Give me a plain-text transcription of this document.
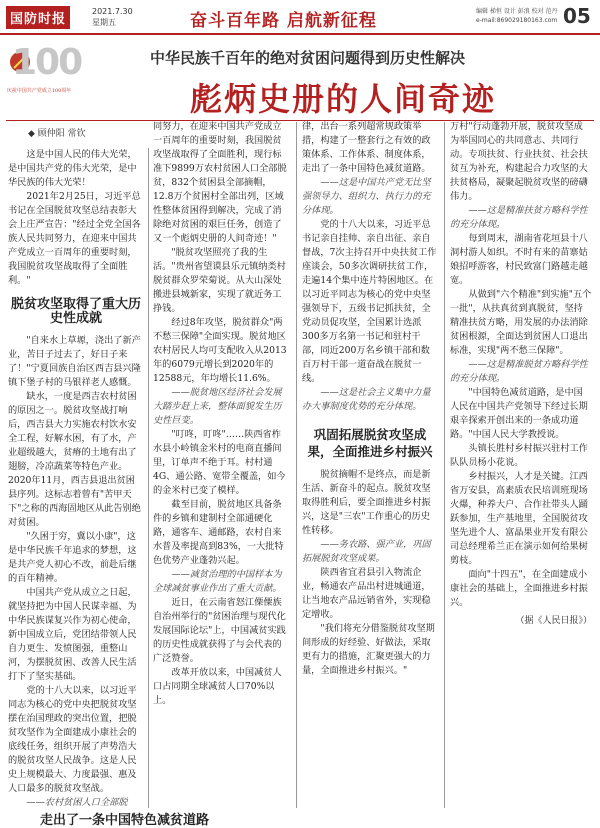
国防时报
2021.7.30
星期五	奋斗百年路 启航新征程	编辑 梯恒 设计 彭浪 校对 范丹
e-mail:869029180163.com 05
100
庆祝中国共产党成立100周年
中华民族千百年的绝对贫困问题得到历史性解决
彪炳史册的人间奇迹
◆ 顾仲阳 常钦

这是中国人民的伟大光荣，是中国共产党的伟大光荣，是中华民族的伟大光荣！

2021年2月25日，习近平总书记在全国脱贫攻坚总结表彰大会上庄严宣告："经过全党全国各族人民共同努力，在迎来中国共产党成立一百周年的重要时刻，我国脱贫攻坚战取得了全面胜利。"

脱贫攻坚取得了重大历史性成就

"自来水上草塬，浇出了新产业，苦日子过去了，好日子来了！"宁夏回族自治区西吉县兴隆镇下堡子村的马银祥老人感慨。

缺水，一度是西吉农村贫困的原因之一。脱贫攻坚战打响后，西吉县大力实施农村饮水安全工程，好解水困，有了水，产业超级越大，贫瘠的土地有出了翅膀，冷凉蔬菜等特色产业。2020年11月，西吉县退出贫困县序列。这标志着曾有"苦甲天下"之称的西海固地区从此告别绝对贫困。

"久困于穷，冀以小康"，这是中华民族千年追求的梦想，这是共产党人初心不改，前赴后继的百年精神。

中国共产党从成立之日起，就坚持把为中国人民谋幸福、为中华民族谋复兴作为初心使命，新中国成立后，党团结带领人民自力更生、发愤图强，重整山河，为摆脱贫困、改善人民生活打下了坚实基础。

党的十八大以来，以习近平同志为核心的党中央把脱贫攻坚摆在治国理政的突出位置，把脱贫攻坚作为全面建成小康社会的底线任务，组织开展了声势浩大的脱贫攻坚人民战争。这是人民史上规模最大、力度最强、惠及人口最多的脱贫攻坚战。

——农村贫困人口全部脱

同努力，在迎来中国共产党成立一百周年的重要时刻，我国脱贫攻坚战取得了全面胜利，现行标准下9899万农村贫困人口全部脱贫，832个贫困县全部摘帽，12.8万个贫困村全部出列，区域性整体贫困得到解决，完成了消除绝对贫困的艰巨任务，创造了又一个彪炳史册的人间奇迹！"

"脱贫攻坚照亮了我的生活。"贵州省望谟县乐元镇纳类村脱贫群众罗荣菊说。从大山深处搬进县城新家，实现了就近务工挣钱。

经过8年攻坚，脱贫群众"两不愁三保障"全面实现。脱贫地区农村居民人均可支配收入从2013年的6079元增长到2020年的12588元，年均增长11.6%。

——脱贫地区经济社会发展大踏步赶上来，整体面貌发生历史性巨变。

"叮咚，叮咚"……陕西省柞水县小岭镇金米村的电商直播间里，订单声不绝于耳。村村通4G、通公路、宽带全覆盖，如今的金米村已变了模样。

截至目前，脱贫地区具备条件的乡镇和建制村全部通硬化路，通客车、通邮路，农村自来水普及率提高到83%，一大批特色优势产业蓬勃兴起。

——减贫治理的中国样本为全球减贫事业作出了重大贡献。

近日，在云南省怒江傈僳族自治州举行的"贫困治理与现代化发展国际论坛"上，中国减贫实践的历史性成就获得了与会代表的广泛赞誉。

改革开放以来，中国减贫人口占同期全球减贫人口70%以上。

律，出台一系列超常规政策举措，构建了一整套行之有效的政策体系、工作体系、制度体系，走出了一条中国特色减贫道路。

——这是中国共产党无比坚强领导力、组织力、执行力的充分体现。

党的十八大以来，习近平总书记亲自挂帅、亲自出征、亲自督战，7次主持召开中央扶贫工作座谈会，50多次调研扶贫工作，走遍14个集中连片特困地区。在以习近平同志为核心的党中央坚强领导下，五级书记抓扶贫，全党动员促攻坚，全国累计选派300多万名第一书记和驻村干部，同近200万名乡镇干部和数百万村干部一道奋战在脱贫一线。

——这是社会主义集中力量办大事制度优势的充分体现。

巩固拓展脱贫攻坚成果，全面推进乡村振兴

脱贫摘帽不是终点，而是新生活、新奋斗的起点。脱贫攻坚取得胜利后，要全面推进乡村振兴，这是"三农"工作重心的历史性转移。

——务农路、强产业，巩固拓展脱贫攻坚成果。

陕西省宜君县引入物流企业，畅通农产品出村进城通道，让当地农产品远销省外，实现稳定增收。

"我们将充分借鉴脱贫攻坚期间形成的好经验、好做法，采取更有力的措施，汇聚更强大的力量，全面推进乡村振兴。"

万村"行动蓬勃开展，脱贫攻坚成为举国同心的共同意志、共同行动。专项扶贫、行业扶贫、社会扶贫互为补充，构建起合力攻坚的大扶贫格局，凝聚起脱贫攻坚的磅礴伟力。

——这是精准扶贫方略科学性的充分体现。

每到周末，湖南省花垣县十八洞村游人如织。不时有来的苗寨姑娘招呼游客，村民致富门路越走越宽。

从做到"六个精准"到实施"五个一批"，从扶真贫到真脱贫，坚持精准扶贫方略，用发展的办法消除贫困根源，全面达到贫困人口退出标准，实现"两不愁三保障"。

——这是精准脱贫方略科学性的充分体现。

"中国特色减贫道路，是中国人民在中国共产党领导下经过长期艰辛探索开创出来的一条成功道路。"中国人民大学教授说。

头镇长胜村乡村振兴驻村工作队队员杨小花说。

乡村振兴，人才是关键。江西省万安县，高素质农民培训班现场火爆，种养大户、合作社带头人踊跃参加，生产基地里，全国脱贫攻坚先进个人、富晶果业开发有限公司总经理希兰正在演示如何给果树剪枝。

面向"十四五"，在全面建成小康社会的基础上，全面推进乡村振兴。

（据《人民日报》）
走出了一条中国特色减贫道路
